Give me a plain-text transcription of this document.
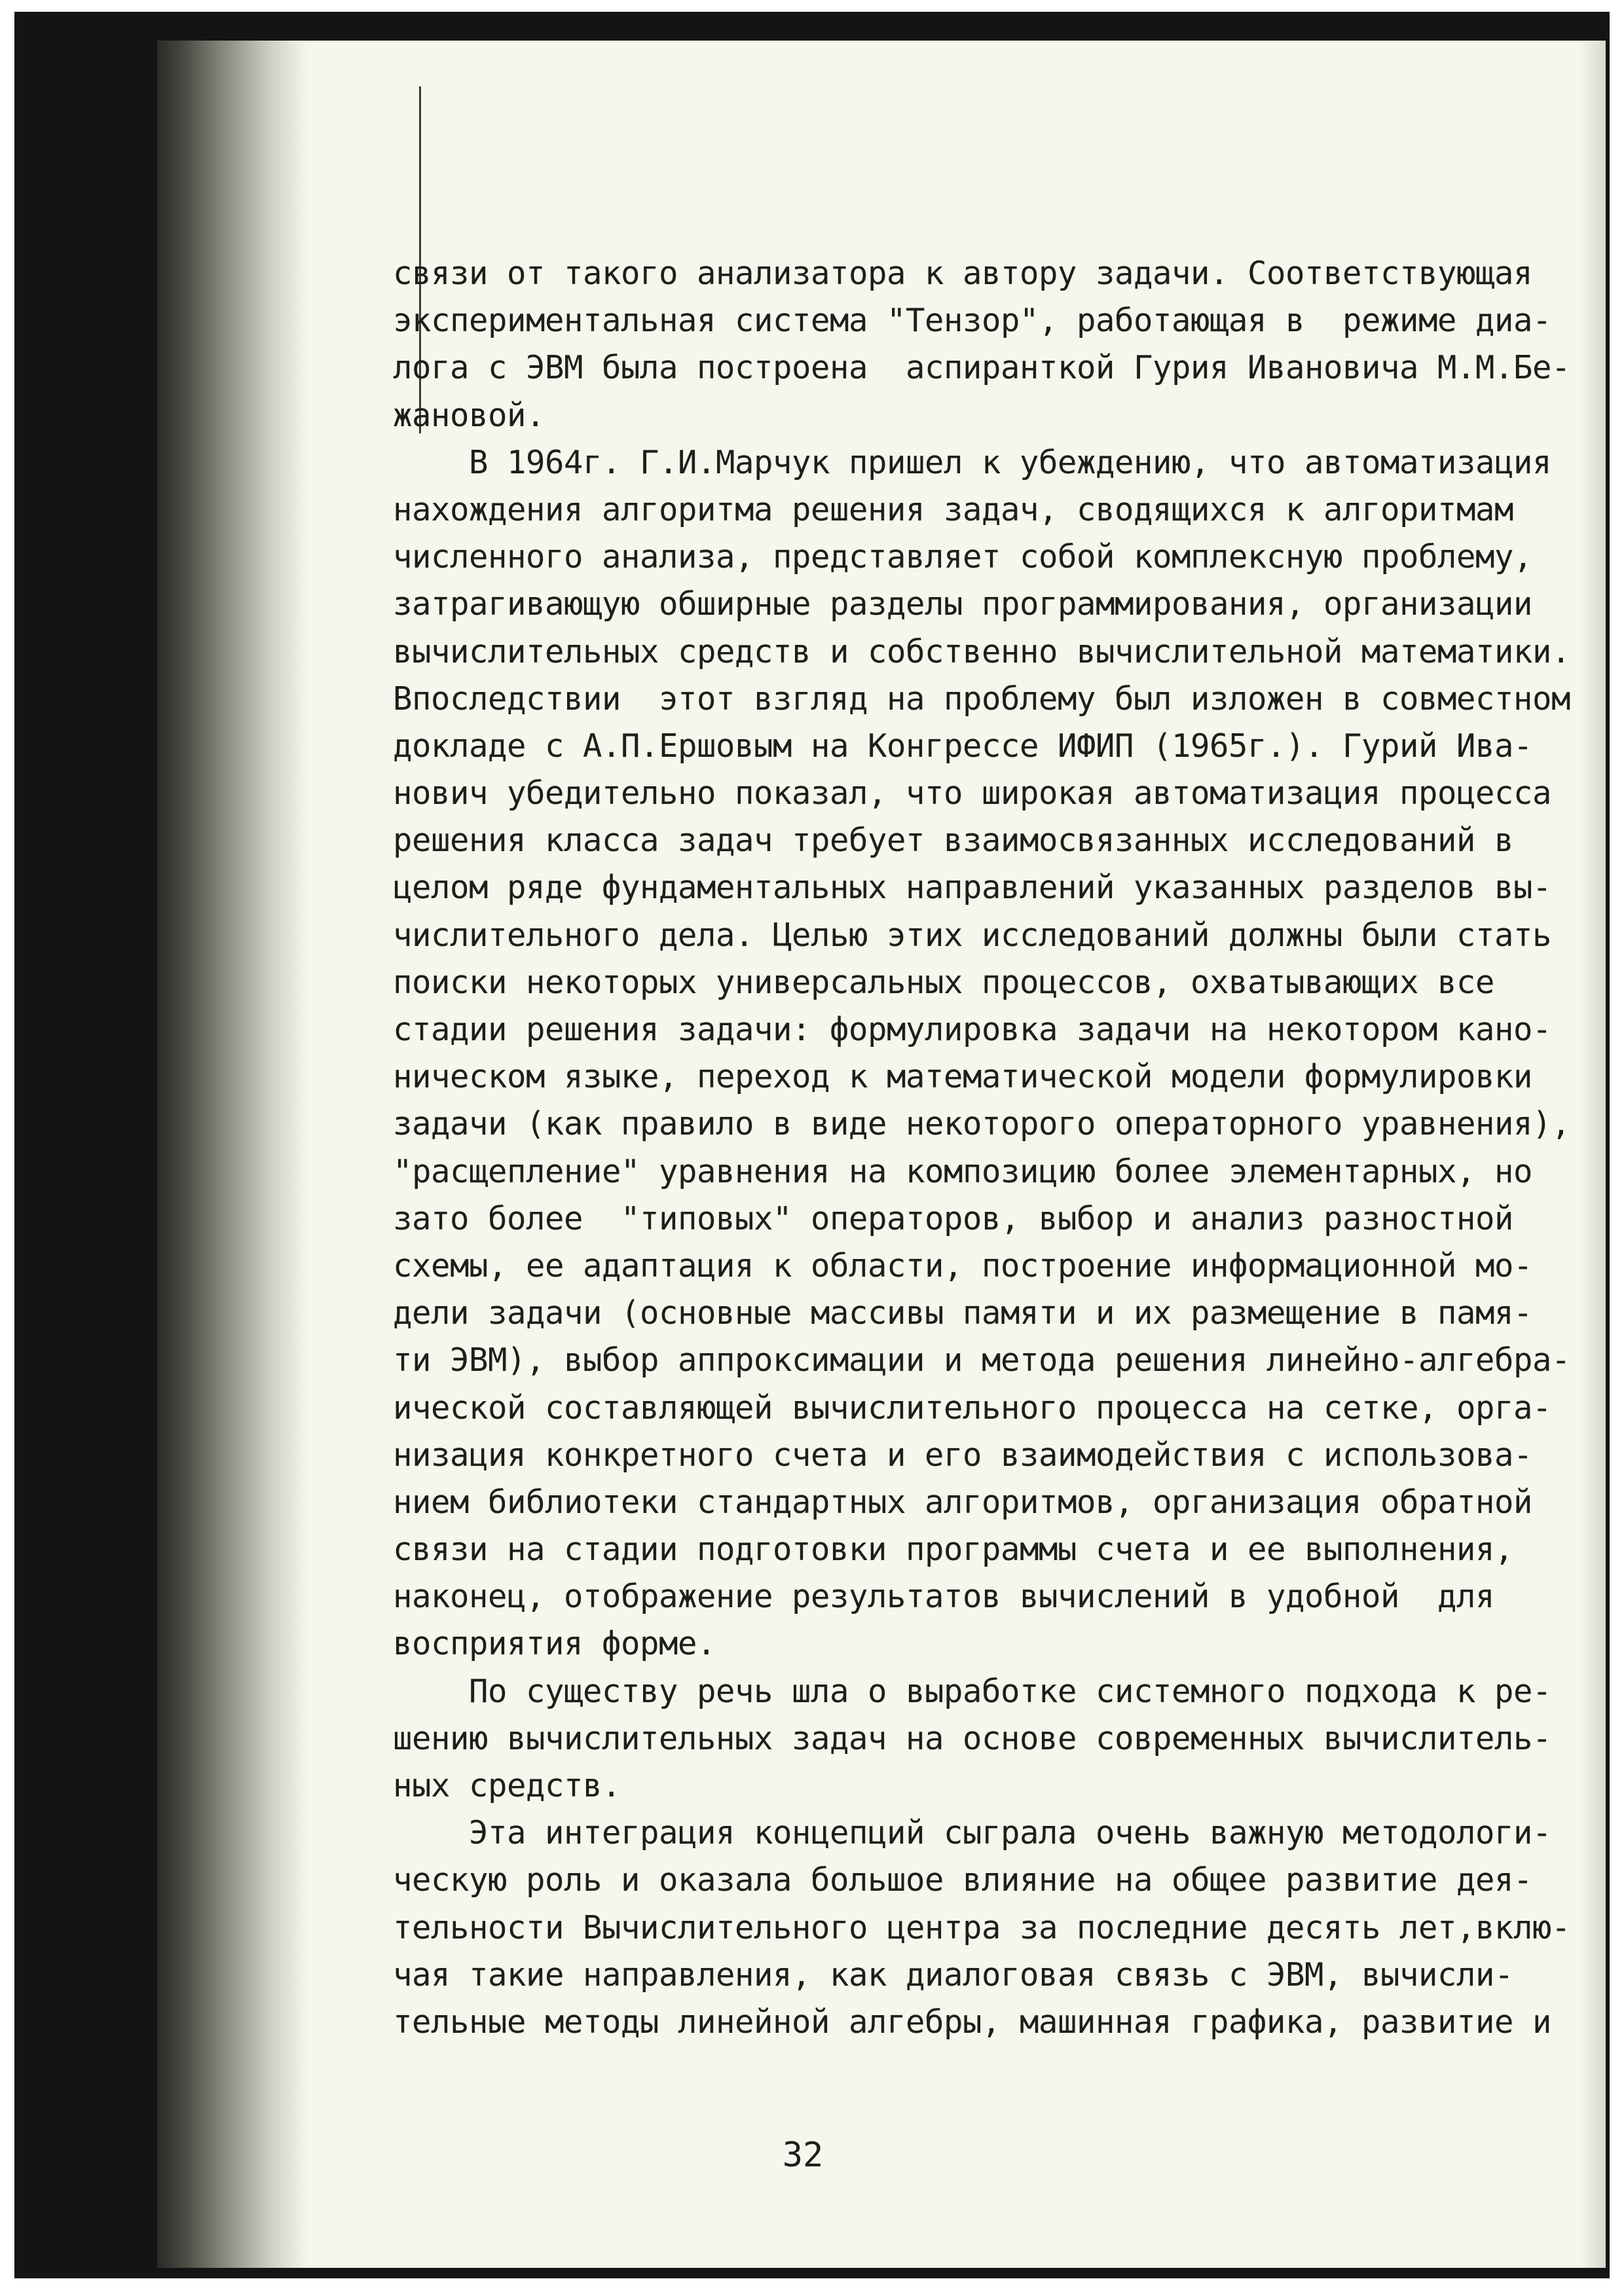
связи от такого анализатора к автору задачи. Соответствующая
экспериментальная система "Тензор", работающая в  режиме диа-
лога с ЭВМ была построена  аспиранткой Гурия Ивановича М.М.Бе-
жановой.

В 1964г. Г.И.Марчук пришел к убеждению, что автоматизация
нахождения алгоритма решения задач, сводящихся к алгоритмам
численного анализа, представляет собой комплексную проблему,
затрагивающую обширные разделы программирования, организации
вычислительных средств и собственно вычислительной математики.
Впоследствии  этот взгляд на проблему был изложен в совместном
докладе с А.П.Ершовым на Конгрессе ИФИП (1965г.). Гурий Ива-
нович убедительно показал, что широкая автоматизация процесса
решения класса задач требует взаимосвязанных исследований в
целом ряде фундаментальных направлений указанных разделов вы-
числительного дела. Целью этих исследований должны были стать
поиски некоторых универсальных процессов, охватывающих все
стадии решения задачи: формулировка задачи на некотором кано-
ническом языке, переход к математической модели формулировки
задачи (как правило в виде некоторого операторного уравнения),
"расщепление" уравнения на композицию более элементарных, но
зато более  "типовых" операторов, выбор и анализ разностной
схемы, ее адаптация к области, построение информационной мо-
дели задачи (основные массивы памяти и их размещение в памя-
ти ЭВМ), выбор аппроксимации и метода решения линейно-алгебра-
ической составляющей вычислительного процесса на сетке, орга-
низация конкретного счета и его взаимодействия с использова-
нием библиотеки стандартных алгоритмов, организация обратной
связи на стадии подготовки программы счета и ее выполнения,
наконец, отображение результатов вычислений в удобной  для
восприятия форме.

По существу речь шла о выработке системного подхода к ре-
шению вычислительных задач на основе современных вычислитель-
ных средств.

Эта интеграция концепций сыграла очень важную методологи-
ческую роль и оказала большое влияние на общее развитие дея-
тельности Вычислительного центра за последние десять лет,вклю-
чая такие направления, как диалоговая связь с ЭВМ, вычисли-
тельные методы линейной алгебры, машинная графика, развитие и

32
